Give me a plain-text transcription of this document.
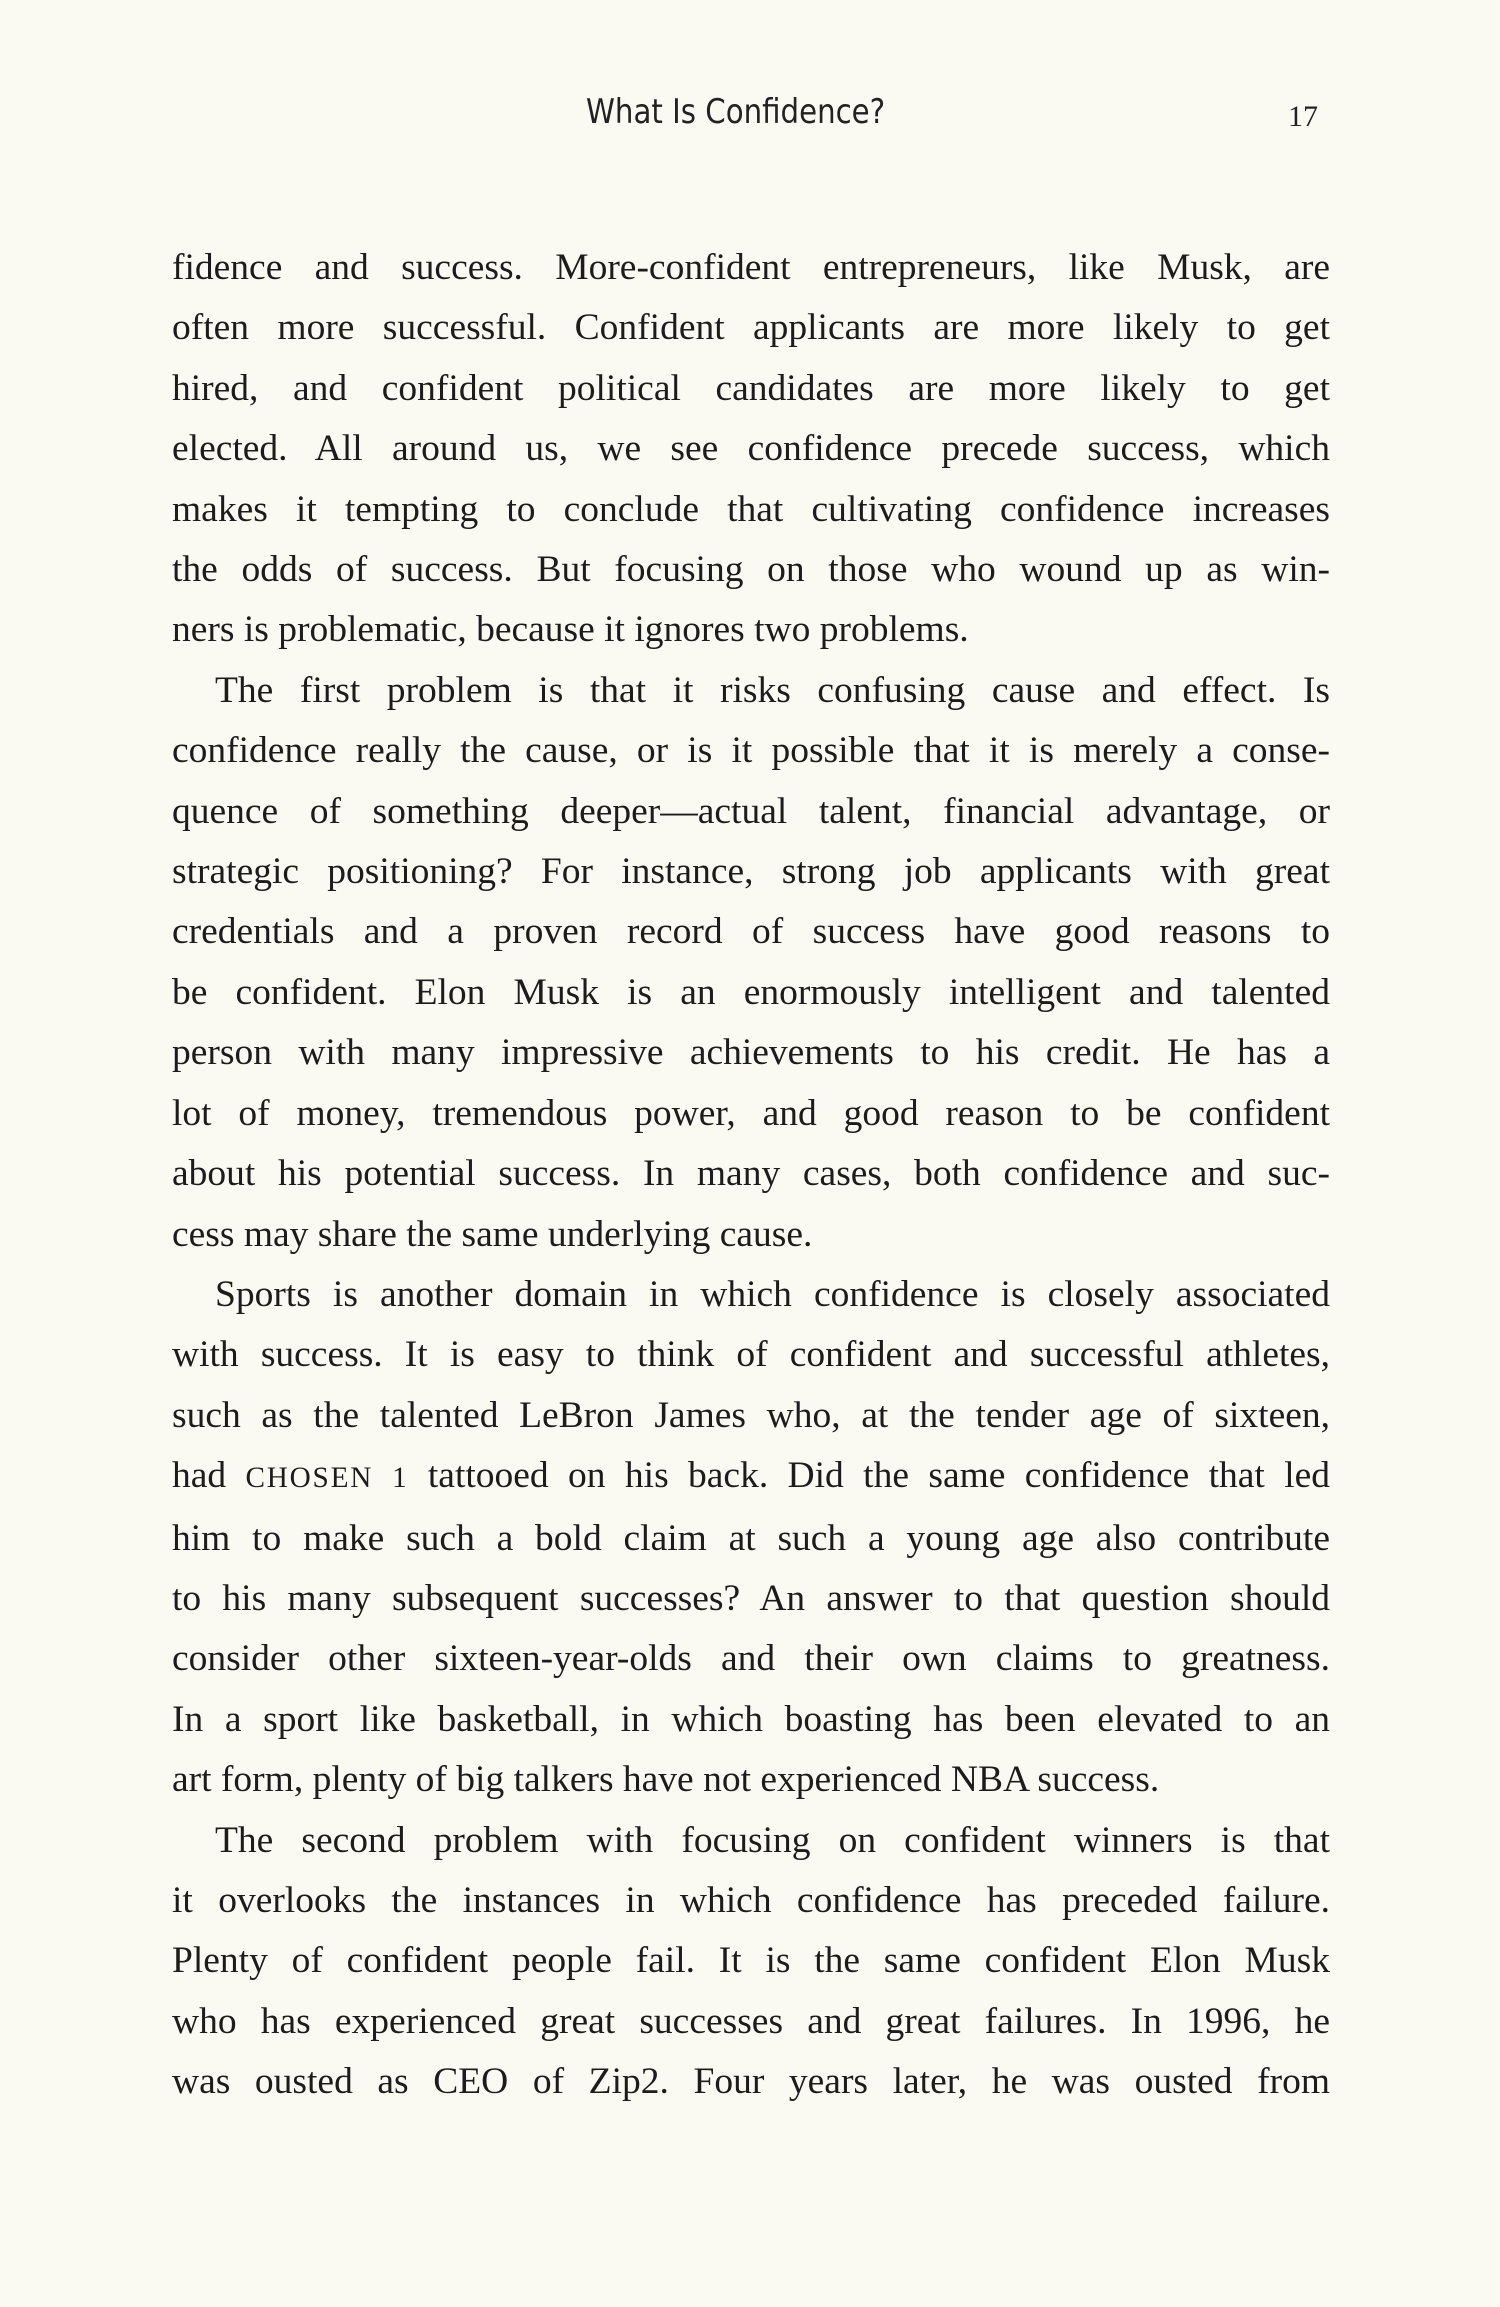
What Is Confidence?	17
fidence and success. More-confident entrepreneurs, like Musk, are
often more successful. Confident applicants are more likely to get
hired, and confident political candidates are more likely to get
elected. All around us, we see confidence precede success, which
makes it tempting to conclude that cultivating confidence increases
the odds of success. But focusing on those who wound up as win-
ners is problematic, because it ignores two problems.
The first problem is that it risks confusing cause and effect. Is
confidence really the cause, or is it possible that it is merely a conse-
quence of something deeper—actual talent, financial advantage, or
strategic positioning? For instance, strong job applicants with great
credentials and a proven record of success have good reasons to
be confident. Elon Musk is an enormously intelligent and talented
person with many impressive achievements to his credit. He has a
lot of money, tremendous power, and good reason to be confident
about his potential success. In many cases, both confidence and suc-
cess may share the same underlying cause.
Sports is another domain in which confidence is closely associated
with success. It is easy to think of confident and successful athletes,
such as the talented LeBron James who, at the tender age of sixteen,
had CHOSEN 1 tattooed on his back. Did the same confidence that led
him to make such a bold claim at such a young age also contribute
to his many subsequent successes? An answer to that question should
consider other sixteen-year-olds and their own claims to greatness.
In a sport like basketball, in which boasting has been elevated to an
art form, plenty of big talkers have not experienced NBA success.
The second problem with focusing on confident winners is that
it overlooks the instances in which confidence has preceded failure.
Plenty of confident people fail. It is the same confident Elon Musk
who has experienced great successes and great failures. In 1996, he
was ousted as CEO of Zip2. Four years later, he was ousted from
